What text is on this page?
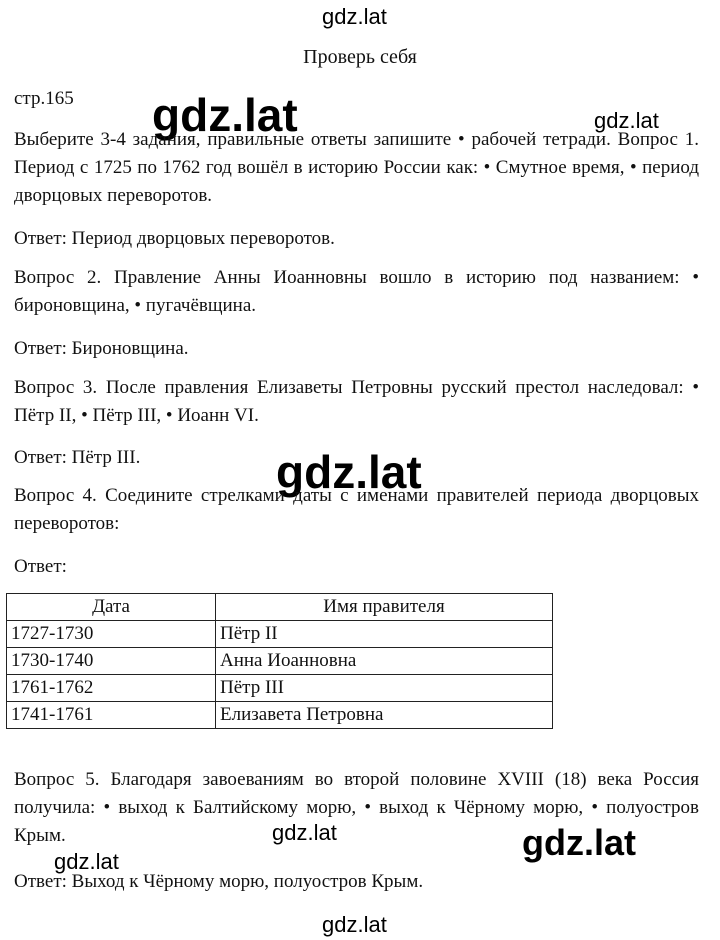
gdz.lat
gdz.lat	gdz.lat
gdz.lat
gdz.lat	gdz.lat
gdz.lat
gdz.lat
Проверь себя
стр.165

Выберите 3-4 задания, правильные ответы запишите • рабочей тетради. Вопрос 1. Период с 1725 по 1762 год вошёл в историю России как: • Смутное время, • период дворцовых переворотов.

Ответ: Период дворцовых переворотов.

Вопрос 2. Правление Анны Иоанновны вошло в историю под названием: • бироновщина, • пугачёвщина.

Ответ: Бироновщина.

Вопрос 3. После правления Елизаветы Петровны русский престол наследовал: • Пётр II, • Пётр III, • Иоанн VI.

Ответ: Пётр III.

Вопрос 4. Соедините стрелками даты с именами правителей периода дворцовых переворотов:

Ответ:

Дата	Имя правителя
1727-1730	Пётр II
1730-1740	Анна Иоанновна
1761-1762	Пётр III
1741-1761	Елизавета Петровна

Вопрос 5. Благодаря завоеваниям во второй половине XVIII (18) века Россия получила: • выход к Балтийскому морю, • выход к Чёрному морю, • полуостров Крым.

Ответ: Выход к Чёрному морю, полуостров Крым.
